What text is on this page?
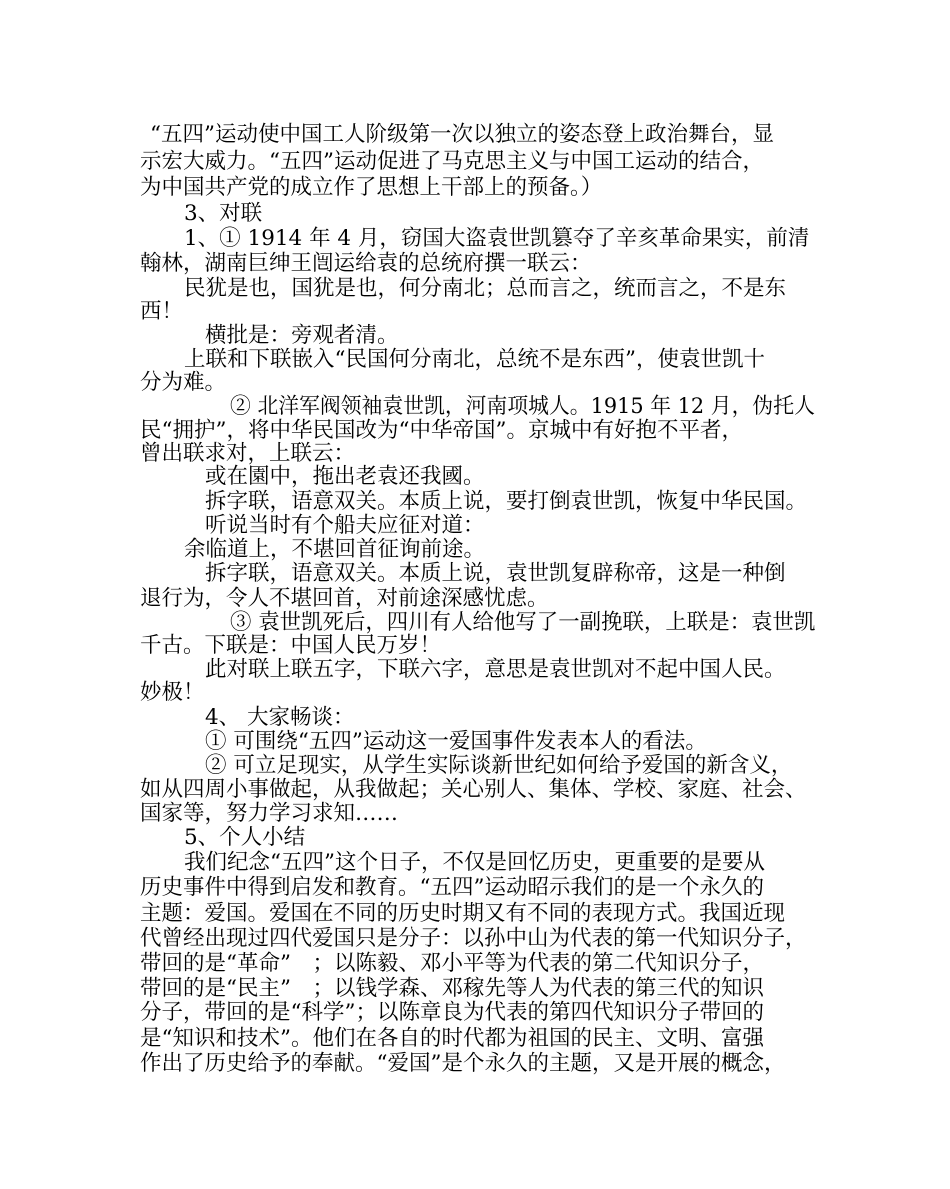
“五四”运动使中国工人阶级第一次以独立的姿态登上政治舞台，显
示宏大威力。“五四”运动促进了马克思主义与中国工运动的结合，
为中国共产党的成立作了思想上干部上的预备。）
3、对联
1、① 1914 年 4 月，窃国大盗袁世凯篡夺了辛亥革命果实，前清
翰林，湖南巨绅王闿运给袁的总统府撰一联云：
民犹是也，国犹是也，何分南北；总而言之，统而言之，不是东
西！
横批是：旁观者清。
上联和下联嵌入“民国何分南北，总统不是东西”，使袁世凯十
分为难。
② 北洋军阀领袖袁世凯，河南项城人。1915 年 12 月，伪托人
民“拥护”，将中华民国改为“中华帝国”。京城中有好抱不平者，
曾出联求对，上联云：
或在園中，拖出老袁还我國。
拆字联，语意双关。本质上说，要打倒袁世凯，恢复中华民国。
听说当时有个船夫应征对道：
余临道上，不堪回首征询前途。
拆字联，语意双关。本质上说，袁世凯复辟称帝，这是一种倒
退行为，令人不堪回首，对前途深感忧虑。
③ 袁世凯死后，四川有人给他写了一副挽联，上联是：袁世凯
千古。下联是：中国人民万岁！
此对联上联五字，下联六字，意思是袁世凯对不起中国人民。
妙极！
4、 大家畅谈：
① 可围绕“五四”运动这一爱国事件发表本人的看法。
② 可立足现实，从学生实际谈新世纪如何给予爱国的新含义，
如从四周小事做起，从我做起；关心别人、集体、学校、家庭、社会、
国家等，努力学习求知……
5、个人小结
我们纪念“五四”这个日子，不仅是回忆历史，更重要的是要从
历史事件中得到启发和教育。“五四”运动昭示我们的是一个永久的
主题：爱国。爱国在不同的历史时期又有不同的表现方式。我国近现
代曾经出现过四代爱国只是分子：以孙中山为代表的第一代知识分子，
带回的是“革命”　；以陈毅、邓小平等为代表的第二代知识分子，
带回的是“民主”　；以钱学森、邓稼先等人为代表的第三代的知识
分子，带回的是“科学”；以陈章良为代表的第四代知识分子带回的
是“知识和技术”。他们在各自的时代都为祖国的民主、文明、富强
作出了历史给予的奉献。“爱国”是个永久的主题，又是开展的概念，
